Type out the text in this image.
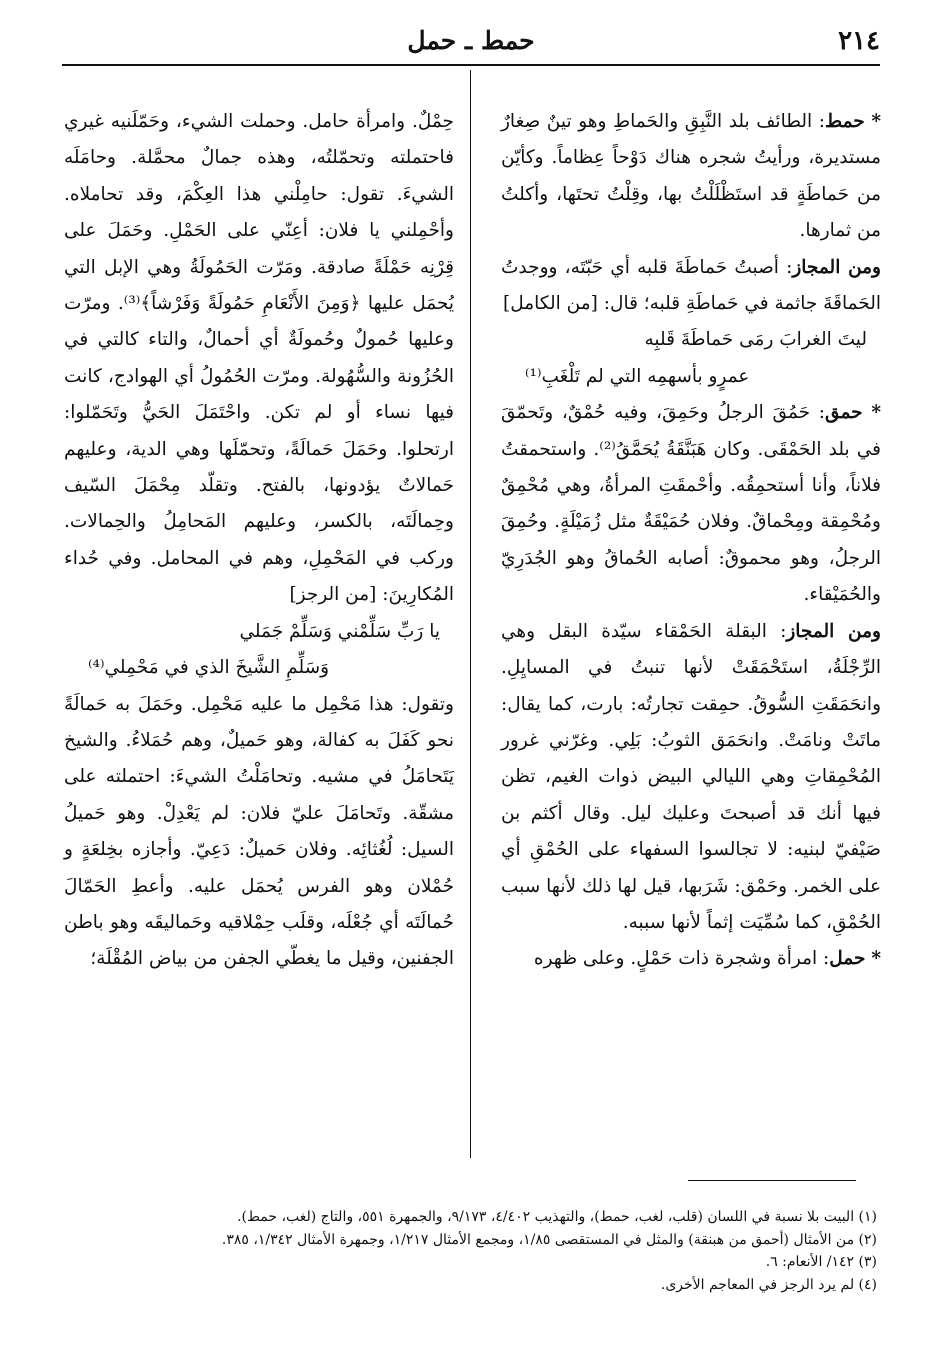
٢١٤
حمط ـ حمل

* حمط: الطائف بلد النَّبِقِ والحَماطِ وهو تينٌ صِغارٌ مستديرة، ورأيتُ شجره هناك دَوْحاً عِظاماً. وكأيّن من حَماطَةٍ قد استَظْلَلْتُ بها، وقِلْتُ تحتَها، وأكلتُ من ثمارها.

ومن المجاز: أصبتُ حَماطَةَ قلبه أي حَبّتَه، ووجدتُ الحَماقَةَ جاثمة في حَماطَةِ قلبه؛ قال: [من الكامل]

ليتَ الغرابَ رمَى حَماطَةَ قَلبِه

عمرٍو بأسهمِه التي لم تَلْغَبِ⁽¹⁾

* حمق: حَمُقَ الرجلُ وحَمِقَ، وفيه حُمْقٌ، وتَحمّقَ في بلد الحَمْقَى. وكان هَبَنَّقَةُ يُحَمَّقُ⁽²⁾. واستحمقتُ فلاناً، وأنا أستحمِقُه. وأحْمقَتِ المرأةُ، وهي مُحْمِقٌ ومُحْمِقة ومِحْماقٌ. وفلان حُمَيْقَةٌ مثل زُمَيْلَةٍ. وحُمِقَ الرجلُ، وهو محموقٌ: أصابه الحُماقُ وهو الجُدَرِيّ والحُمَيْقاء.

ومن المجاز: البقلة الحَمْقاء سيّدة البقل وهي الرِّجْلَةُ، استَحْمَقَتْ لأنها تنبتُ في المسايِلِ. وانحَمَقَتِ السُّوقُ. حمِقت تجارتُه: بارت، كما يقال: ماتَتْ ونامَتْ. وانحَمَق الثوبُ: بَلِي. وغرّني غرور المُحْمِقاتِ وهي الليالي البيض ذوات الغيم، تظن فيها أنك قد أصبحتَ وعليك ليل. وقال أكثم بن صَيْفيّ لبنيه: لا تجالسوا السفهاء على الحُمْقِ أي على الخمر. وحَمْق: شَرَبها، قيل لها ذلك لأنها سبب الحُمْقِ، كما سُمِّيَت إثماً لأنها سببه.

* حمل: امرأة وشجرة ذات حَمْلٍ. وعلى ظهره

حِمْلٌ. وامرأة حامل. وحملت الشيء، وحَمّلَنيه غيري فاحتملته وتحمّلتُه، وهذه جمالٌ محمَّلة. وحامَلَه الشيءَ. تقول: حامِلْني هذا العِكْمَ، وقد تحاملاه. وأحْمِلني يا فلان: أعِنّي على الحَمْلِ. وحَمَلَ على قِرْنِه حَمْلَةً صادقة. ومَرّت الحَمُولَةُ وهي الإبل التي يُحمَل عليها ﴿وَمِنَ الأَنْعَامِ حَمُولَةً وَفَرْشاً﴾⁽³⁾. ومرّت وعليها حُمولٌ وحُمولَةٌ أي أحمالٌ، والتاء كالتي في الحُزُونة والسُّهُولة. ومرّت الحُمُولُ أي الهوادج، كانت فيها نساء أو لم تكن. واحْتَمَلَ الحَيُّ وتَحَمّلوا: ارتحلوا. وحَمَلَ حَمالَةً، وتحمّلَها وهي الدية، وعليهم حَمالاتٌ يؤدونها، بالفتح. وتقلّد مِحْمَلَ السّيف وحِمالَتَه، بالكسر، وعليهم المَحامِلُ والحِمالات. وركب في المَحْمِلِ، وهم في المحامل. وفي حُداء المُكارِينَ: [من الرجز]

يا رَبِّ سَلِّمْني وَسَلِّمْ جَمَلي

وَسَلِّمِ الشَّيخَ الذي في مَحْمِلي⁽⁴⁾

وتقول: هذا مَحْمِل ما عليه مَحْمِل. وحَمَلَ به حَمالَةً نحو كَفَلَ به كفالة، وهو حَميلٌ، وهم حُمَلاءُ. والشيخ يَتَحامَلُ في مشيه. وتحامَلْتُ الشيءَ: احتملته على مشقّة. وتَحامَلَ عليّ فلان: لم يَعْدِلْ. وهو حَميلُ السيل: لُغُثائِه. وفلان حَميلٌ: دَعِيّ. وأجازه بخِلعَةٍ و حُمْلان وهو الفرس يُحمَل عليه. وأعطِ الحَمّالَ حُمالَتَه أي جُعْلَه، وقلَب حِمْلاقيه وحَماليقَه وهو باطن الجفنين، وقيل ما يغطّي الجفن من بياض المُقْلَة؛

(١) البيت بلا نسبة في اللسان (قلب، لغب، حمط)، والتهذيب ٤/٤٠٢، ٩/١٧٣، والجمهرة ٥٥١، والتاج (لغب، حمط).
(٢) من الأمثال (أحمق من هبنقة) والمثل في المستقصى ١/٨٥، ومجمع الأمثال ١/٢١٧، وجمهرة الأمثال ١/٣٤٢، ٣٨٥.
(٣) ١٤٢/ الأنعام: ٦.
(٤) لم يرد الرجز في المعاجم الأخرى.
